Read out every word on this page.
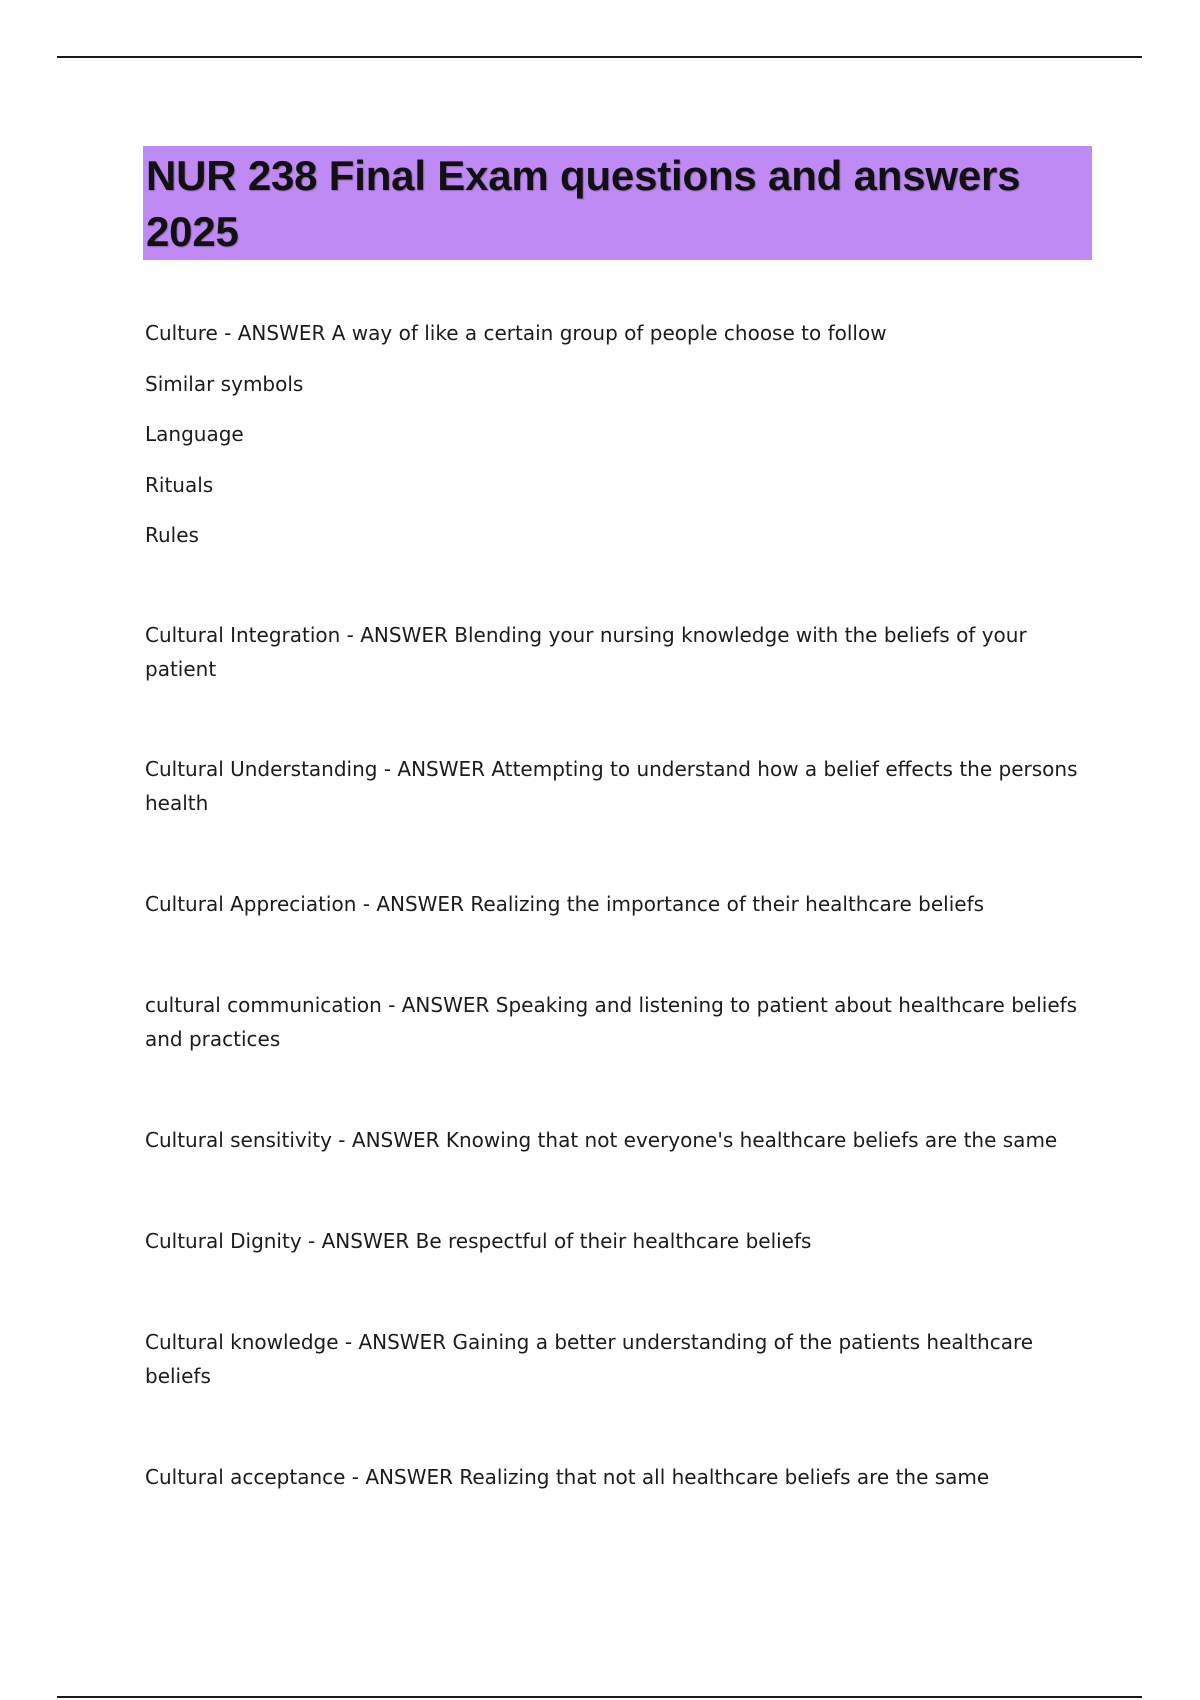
NUR 238 Final Exam questions and answers 2025

Culture - ANSWER A way of like a certain group of people choose to follow

Similar symbols

Language

Rituals

Rules

Cultural Integration - ANSWER Blending your nursing knowledge with the beliefs of your patient

Cultural Understanding - ANSWER Attempting to understand how a belief effects the persons health

Cultural Appreciation - ANSWER Realizing the importance of their healthcare beliefs

cultural communication - ANSWER Speaking and listening to patient about healthcare beliefs and practices

Cultural sensitivity - ANSWER Knowing that not everyone's healthcare beliefs are the same

Cultural Dignity - ANSWER Be respectful of their healthcare beliefs

Cultural knowledge - ANSWER Gaining a better understanding of the patients healthcare beliefs

Cultural acceptance - ANSWER Realizing that not all healthcare beliefs are the same
